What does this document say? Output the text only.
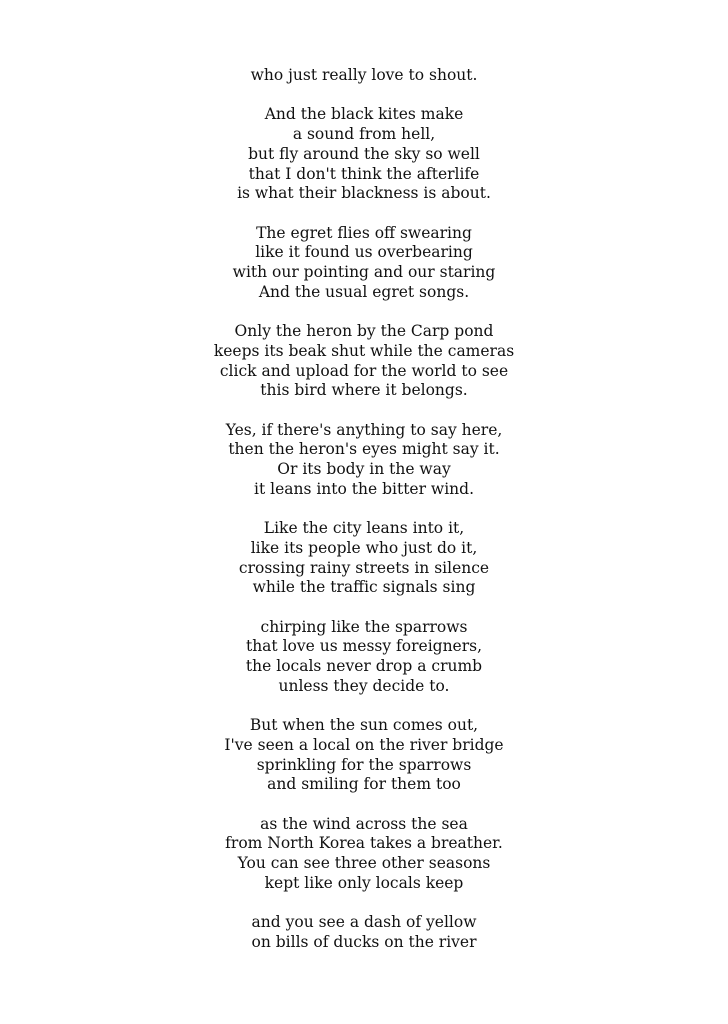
who just really love to shout.
And the black kites make
a sound from hell,
but fly around the sky so well
that I don't think the afterlife
is what their blackness is about.
The egret flies off swearing
like it found us overbearing
with our pointing and our staring
And the usual egret songs.
Only the heron by the Carp pond
keeps its beak shut while the cameras
click and upload for the world to see
this bird where it belongs.
Yes, if there's anything to say here,
then the heron's eyes might say it.
Or its body in the way
it leans into the bitter wind.
Like the city leans into it,
like its people who just do it,
crossing rainy streets in silence
while the traffic signals sing
chirping like the sparrows
that love us messy foreigners,
the locals never drop a crumb
unless they decide to.
But when the sun comes out,
I've seen a local on the river bridge
sprinkling for the sparrows
and smiling for them too
as the wind across the sea
from North Korea takes a breather.
You can see three other seasons
kept like only locals keep
and you see a dash of yellow
on bills of ducks on the river
